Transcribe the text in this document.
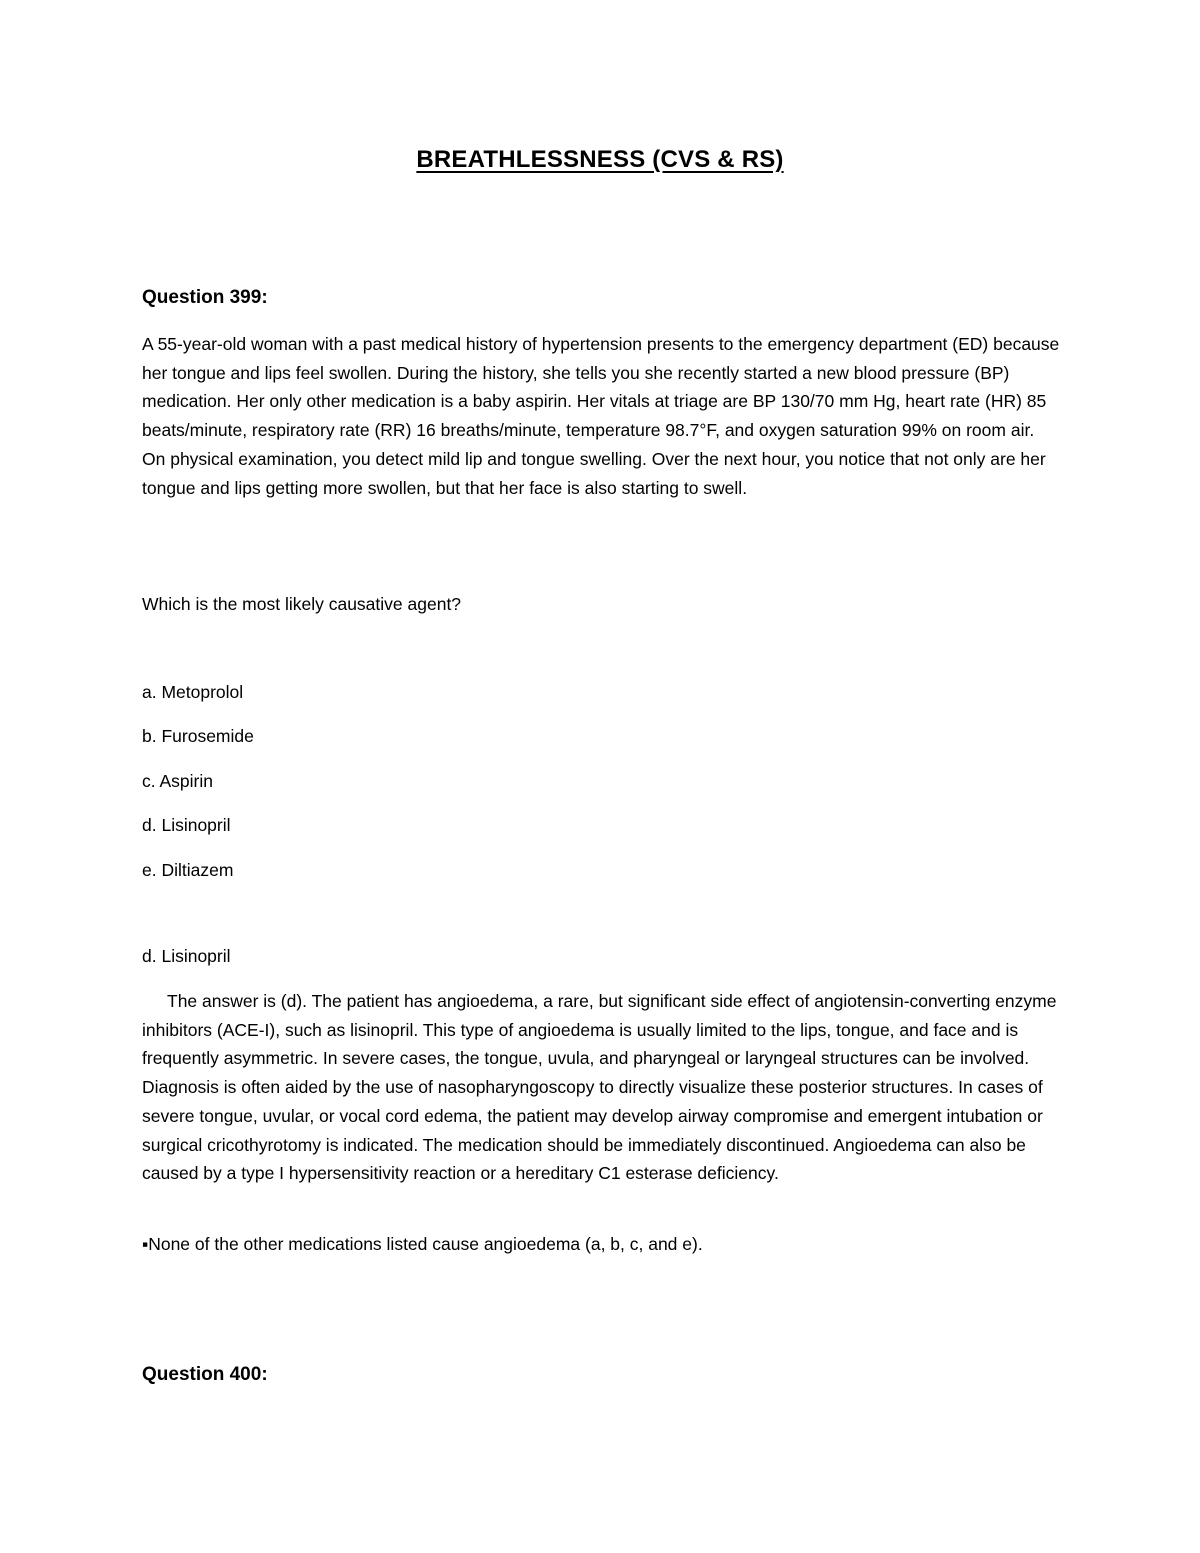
BREATHLESSNESS (CVS & RS)
Question 399:

A 55-year-old woman with a past medical history of hypertension presents to the emergency department (ED) because her tongue and lips feel swollen. During the history, she tells you she recently started a new blood pressure (BP) medication. Her only other medication is a baby aspirin. Her vitals at triage are BP 130/70 mm Hg, heart rate (HR) 85 beats/minute, respiratory rate (RR) 16 breaths/minute, temperature 98.7°F, and oxygen saturation 99% on room air. On physical examination, you detect mild lip and tongue swelling. Over the next hour, you notice that not only are her tongue and lips getting more swollen, but that her face is also starting to swell.

Which is the most likely causative agent?

a. Metoprolol
b. Furosemide
c. Aspirin
d. Lisinopril
e. Diltiazem

d. Lisinopril

The answer is (d). The patient has angioedema, a rare, but significant side effect of angiotensin-converting enzyme inhibitors (ACE-I), such as lisinopril. This type of angioedema is usually limited to the lips, tongue, and face and is frequently asymmetric. In severe cases, the tongue, uvula, and pharyngeal or laryngeal structures can be involved. Diagnosis is often aided by the use of nasopharyngoscopy to directly visualize these posterior structures. In cases of severe tongue, uvular, or vocal cord edema, the patient may develop airway compromise and emergent intubation or surgical cricothyrotomy is indicated. The medication should be immediately discontinued. Angioedema can also be caused by a type I hypersensitivity reaction or a hereditary C1 esterase deficiency.

▪None of the other medications listed cause angioedema (a, b, c, and e).

Question 400:
